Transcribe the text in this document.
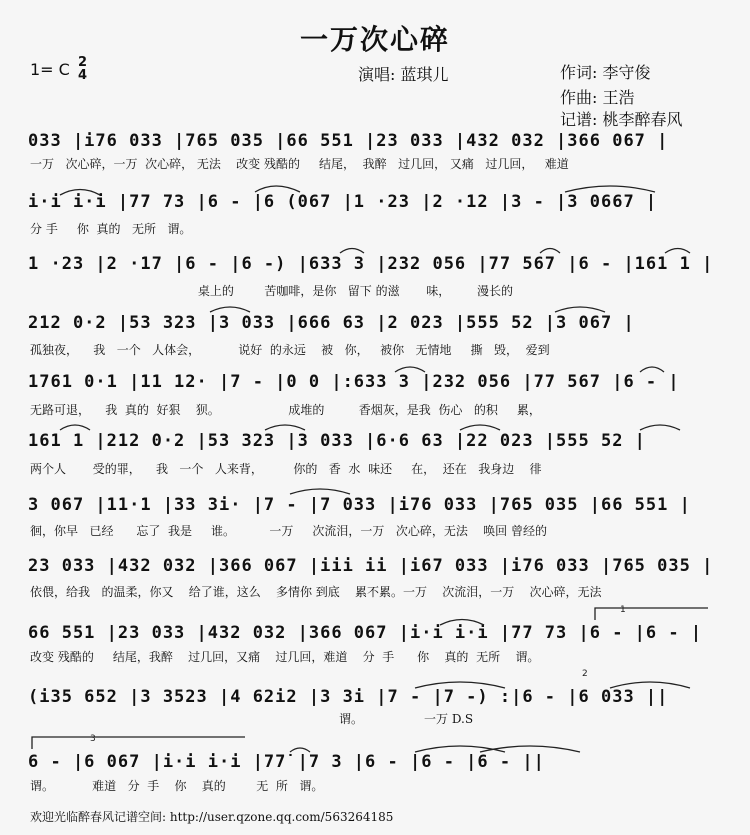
一万次心碎
1= C 2
4	演唱: 蓝琪儿	作词: 李守俊
作曲: 王浩
记谱: 桃李醉春风
033 |i76 033 |765 035 |66 551 |23 033 |432 032 |366 067 |
一万   次心碎，一万  次心碎， 无法    改变 残酷的     结尾，  我醉   过几回， 又痛   过几回，   难道
i·i i·i |77 73 |6 - |6 (067 |1 ·23 |2 ·12 |3 - |3 0667 |
分 手     你  真的   无所   谓。
1 ·23 |2 ·17 |6 - |6 -) |633 3 |232 056 |77 567 |6 - |161 1 |
桌上的        苦咖啡，是你   留下 的滋       味，       漫长的
212 0·2 |53 323 |3 033 |666 63 |2 023 |555 52 |3 067 |
孤独夜，    我   一个   人体会，          说好  的永远    被   你，   被你   无情地     撕   毁，  爱到
1761 0·1 |11 12· |7 - |0 0 |:633 3 |232 056 |77 567 |6 - |
无路可退，    我  真的  好狠    狈。                  成堆的         香烟灰，是我  伤心   的积     累，
161 1 |212 0·2 |53 323 |3 033 |6·6 63 |22 023 |555 52 |
两个人       受的罪，    我   一个   人来背，        你的   香  水  味还     在，  还在   我身边    徘
3 067 |11·1 |33 3i· |7 - |7 033 |i76 033 |765 035 |66 551 |
徊，你早   已经      忘了  我是     谁。         一万     次流泪，一万   次心碎，无法    唤回 曾经的
23 033 |432 032 |366 067 |iii ii |i67 033 |i76 033 |765 035 |
依偎，给我   的温柔，你又    给了谁，这么    多情你 到底    累不累。一万    次流泪，一万    次心碎，无法
66 551 |23 033 |432 032 |366 067 |i·i i·i |77 73 |6 - |6 - |
改变 残酷的     结尾，我醉    过几回，又痛    过几回，难道    分  手      你    真的  无所    谓。
(i35 652 |3 3523 |4 62i2 |3 3i |7 - |7 -) :|6 - |6 033 ||
谓。                一万 D.S
6 - |6 067 |i·i i·i |77̇ |7 3 |6 - |6 - |6 - ||
谓。          难道   分  手    你    真的        无  所   谓。
欢迎光临醉春风记谱空间: http://user.qzone.qq.com/563264185
1
2
3
